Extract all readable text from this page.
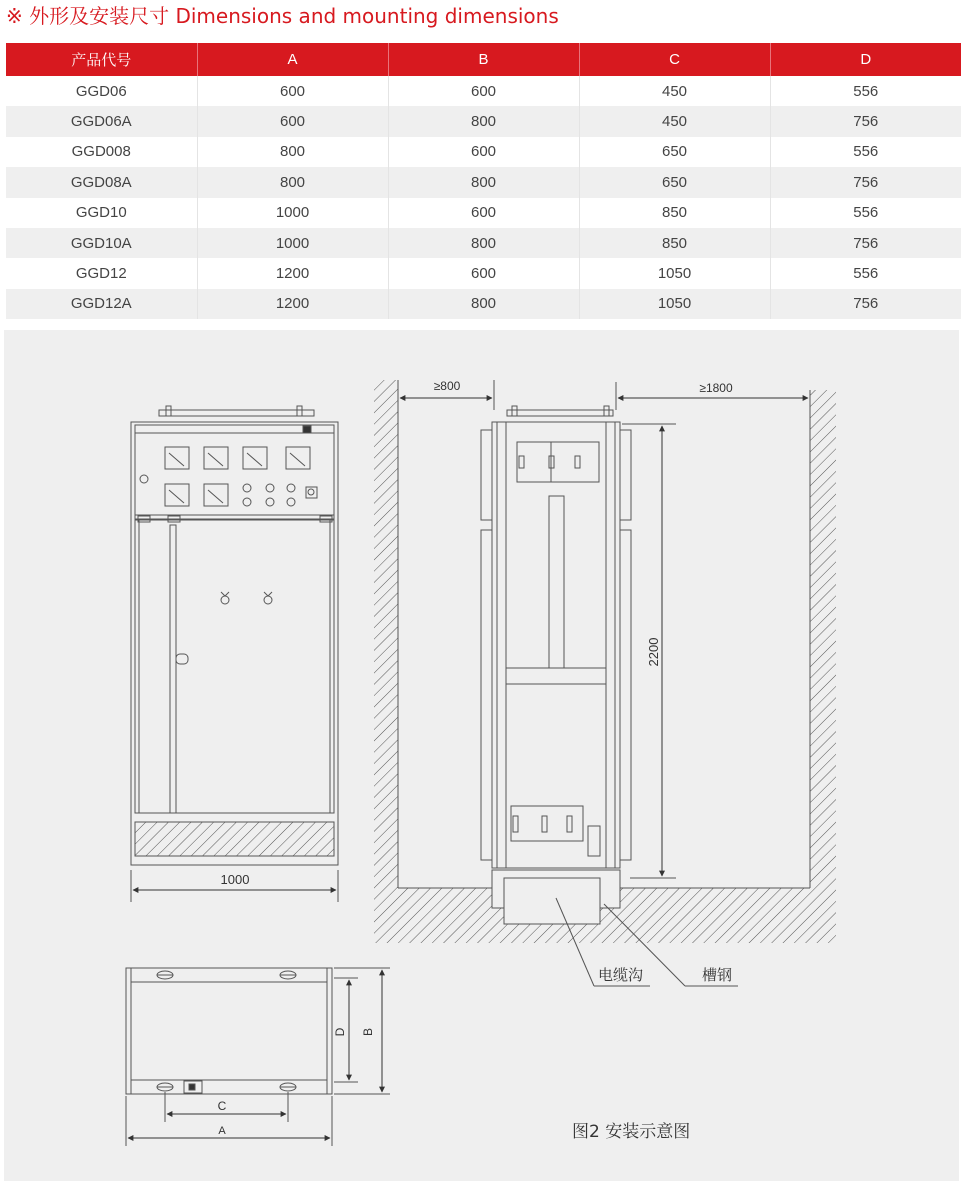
※ 外形及安装尺寸 Dimensions and mounting dimensions
产品代号	A	B	C	D
GGD06	600	600	450	556
GGD06A	600	800	450	756
GGD008	800	600	650	556
GGD08A	800	800	650	756
GGD10	1000	600	850	556
GGD10A	1000	800	850	756
GGD12	1200	600	1050	556
GGD12A	1200	800	1050	756
1000
≥800	≥1800
2200
电缆沟	槽钢
D B
C
A	图2 安装示意图
